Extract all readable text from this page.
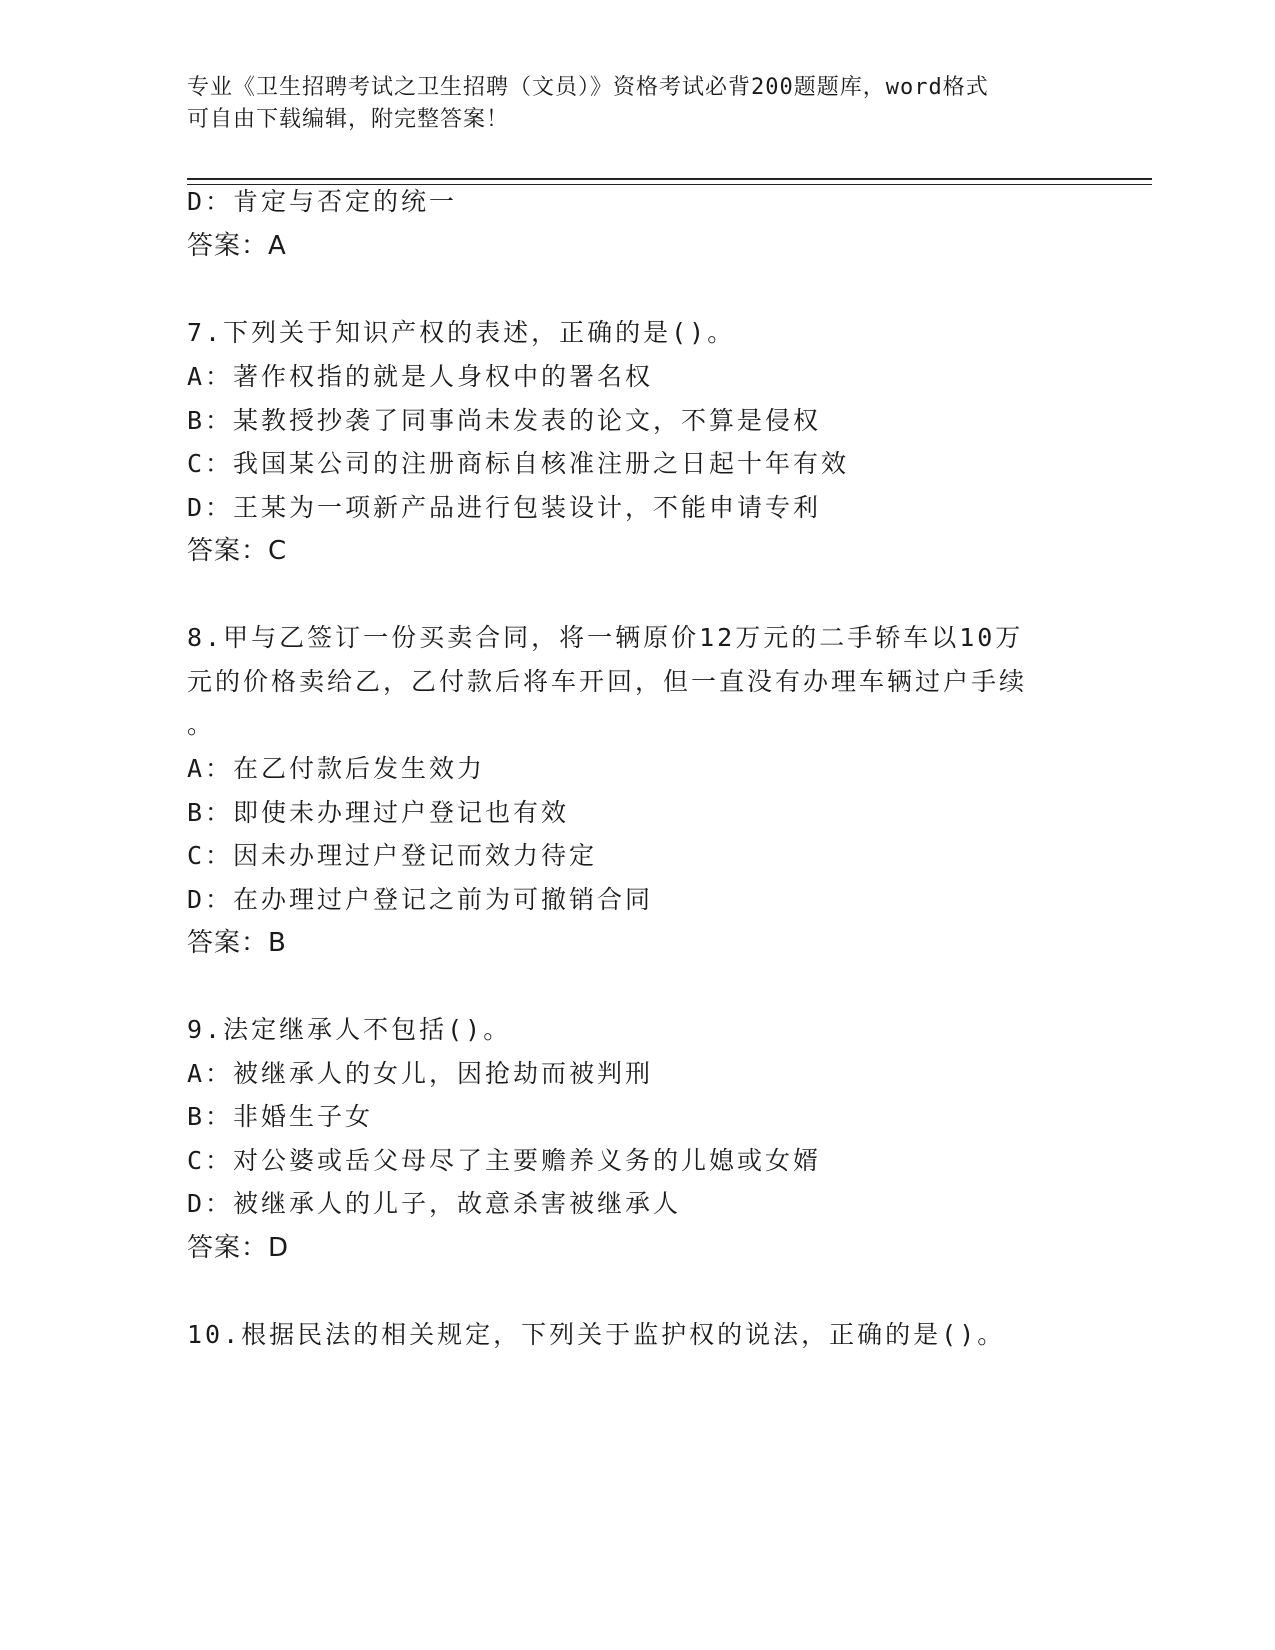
专业《卫生招聘考试之卫生招聘（文员）》资格考试必背200题题库，word格式
可自由下载编辑，附完整答案！
D：肯定与否定的统一
答案：A
7.下列关于知识产权的表述，正确的是()。
A：著作权指的就是人身权中的署名权
B：某教授抄袭了同事尚未发表的论文，不算是侵权
C：我国某公司的注册商标自核准注册之日起十年有效
D：王某为一项新产品进行包装设计，不能申请专利
答案：C
8.甲与乙签订一份买卖合同，将一辆原价12万元的二手轿车以10万
元的价格卖给乙，乙付款后将车开回，但一直没有办理车辆过户手续
。
A：在乙付款后发生效力
B：即使未办理过户登记也有效
C：因未办理过户登记而效力待定
D：在办理过户登记之前为可撤销合同
答案：B
9.法定继承人不包括()。
A：被继承人的女儿，因抢劫而被判刑
B：非婚生子女
C：对公婆或岳父母尽了主要赡养义务的儿媳或女婿
D：被继承人的儿子，故意杀害被继承人
答案：D
10.根据民法的相关规定，下列关于监护权的说法，正确的是()。
